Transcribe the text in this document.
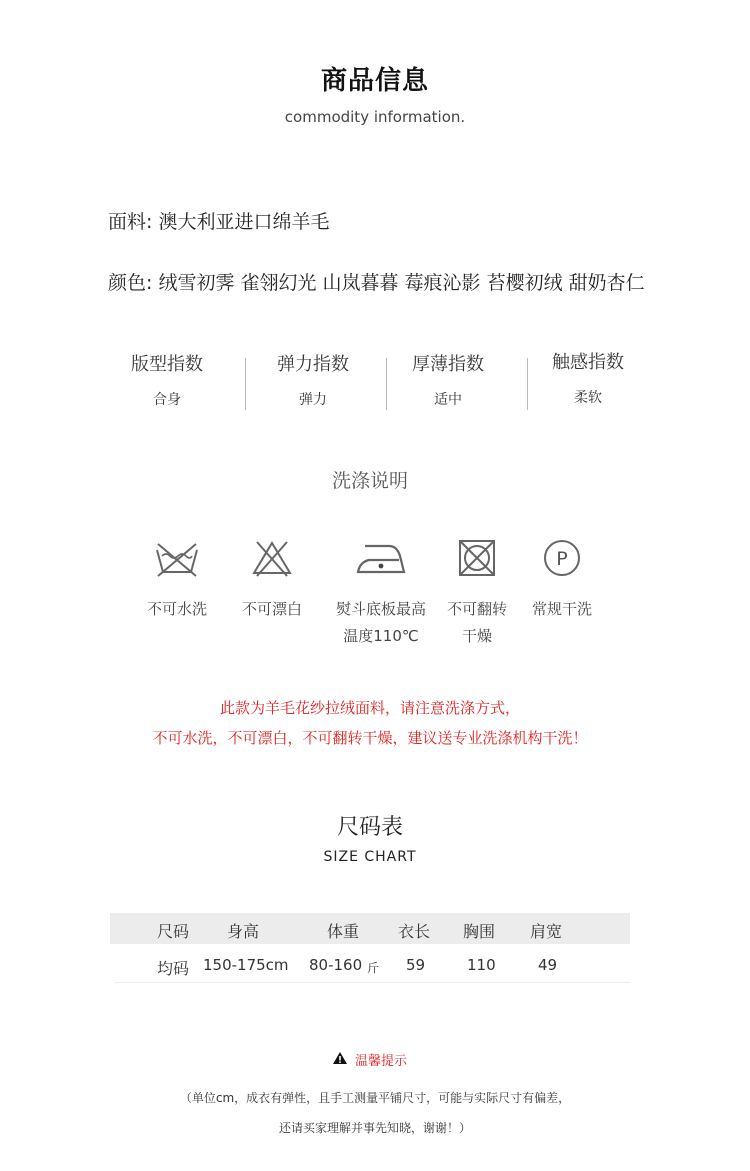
商品信息
commodity information.
面料: 澳大利亚进口绵羊毛
颜色: 绒雪初霁 雀翎幻光 山岚暮暮 莓痕沁影 苔樱初绒 甜奶杏仁
版型指数
合身
弹力指数
弹力
厚薄指数
适中
触感指数
柔软
洗涤说明
不可水洗	不可漂白	熨斗底板最高
温度110℃
不可翻转
干燥
P
常规干洗
此款为羊毛花纱拉绒面料，请注意洗涤方式，
不可水洗，不可漂白，不可翻转干燥，建议送专业洗涤机构干洗！
尺码表
SIZE CHART
尺码 身高	体重 衣长 胸围 肩宽
均码 150-175cm 80-160 斤 59	110	49
温馨提示
（单位cm，成衣有弹性，且手工测量平铺尺寸，可能与实际尺寸有偏差，
还请买家理解并事先知晓，谢谢！）
